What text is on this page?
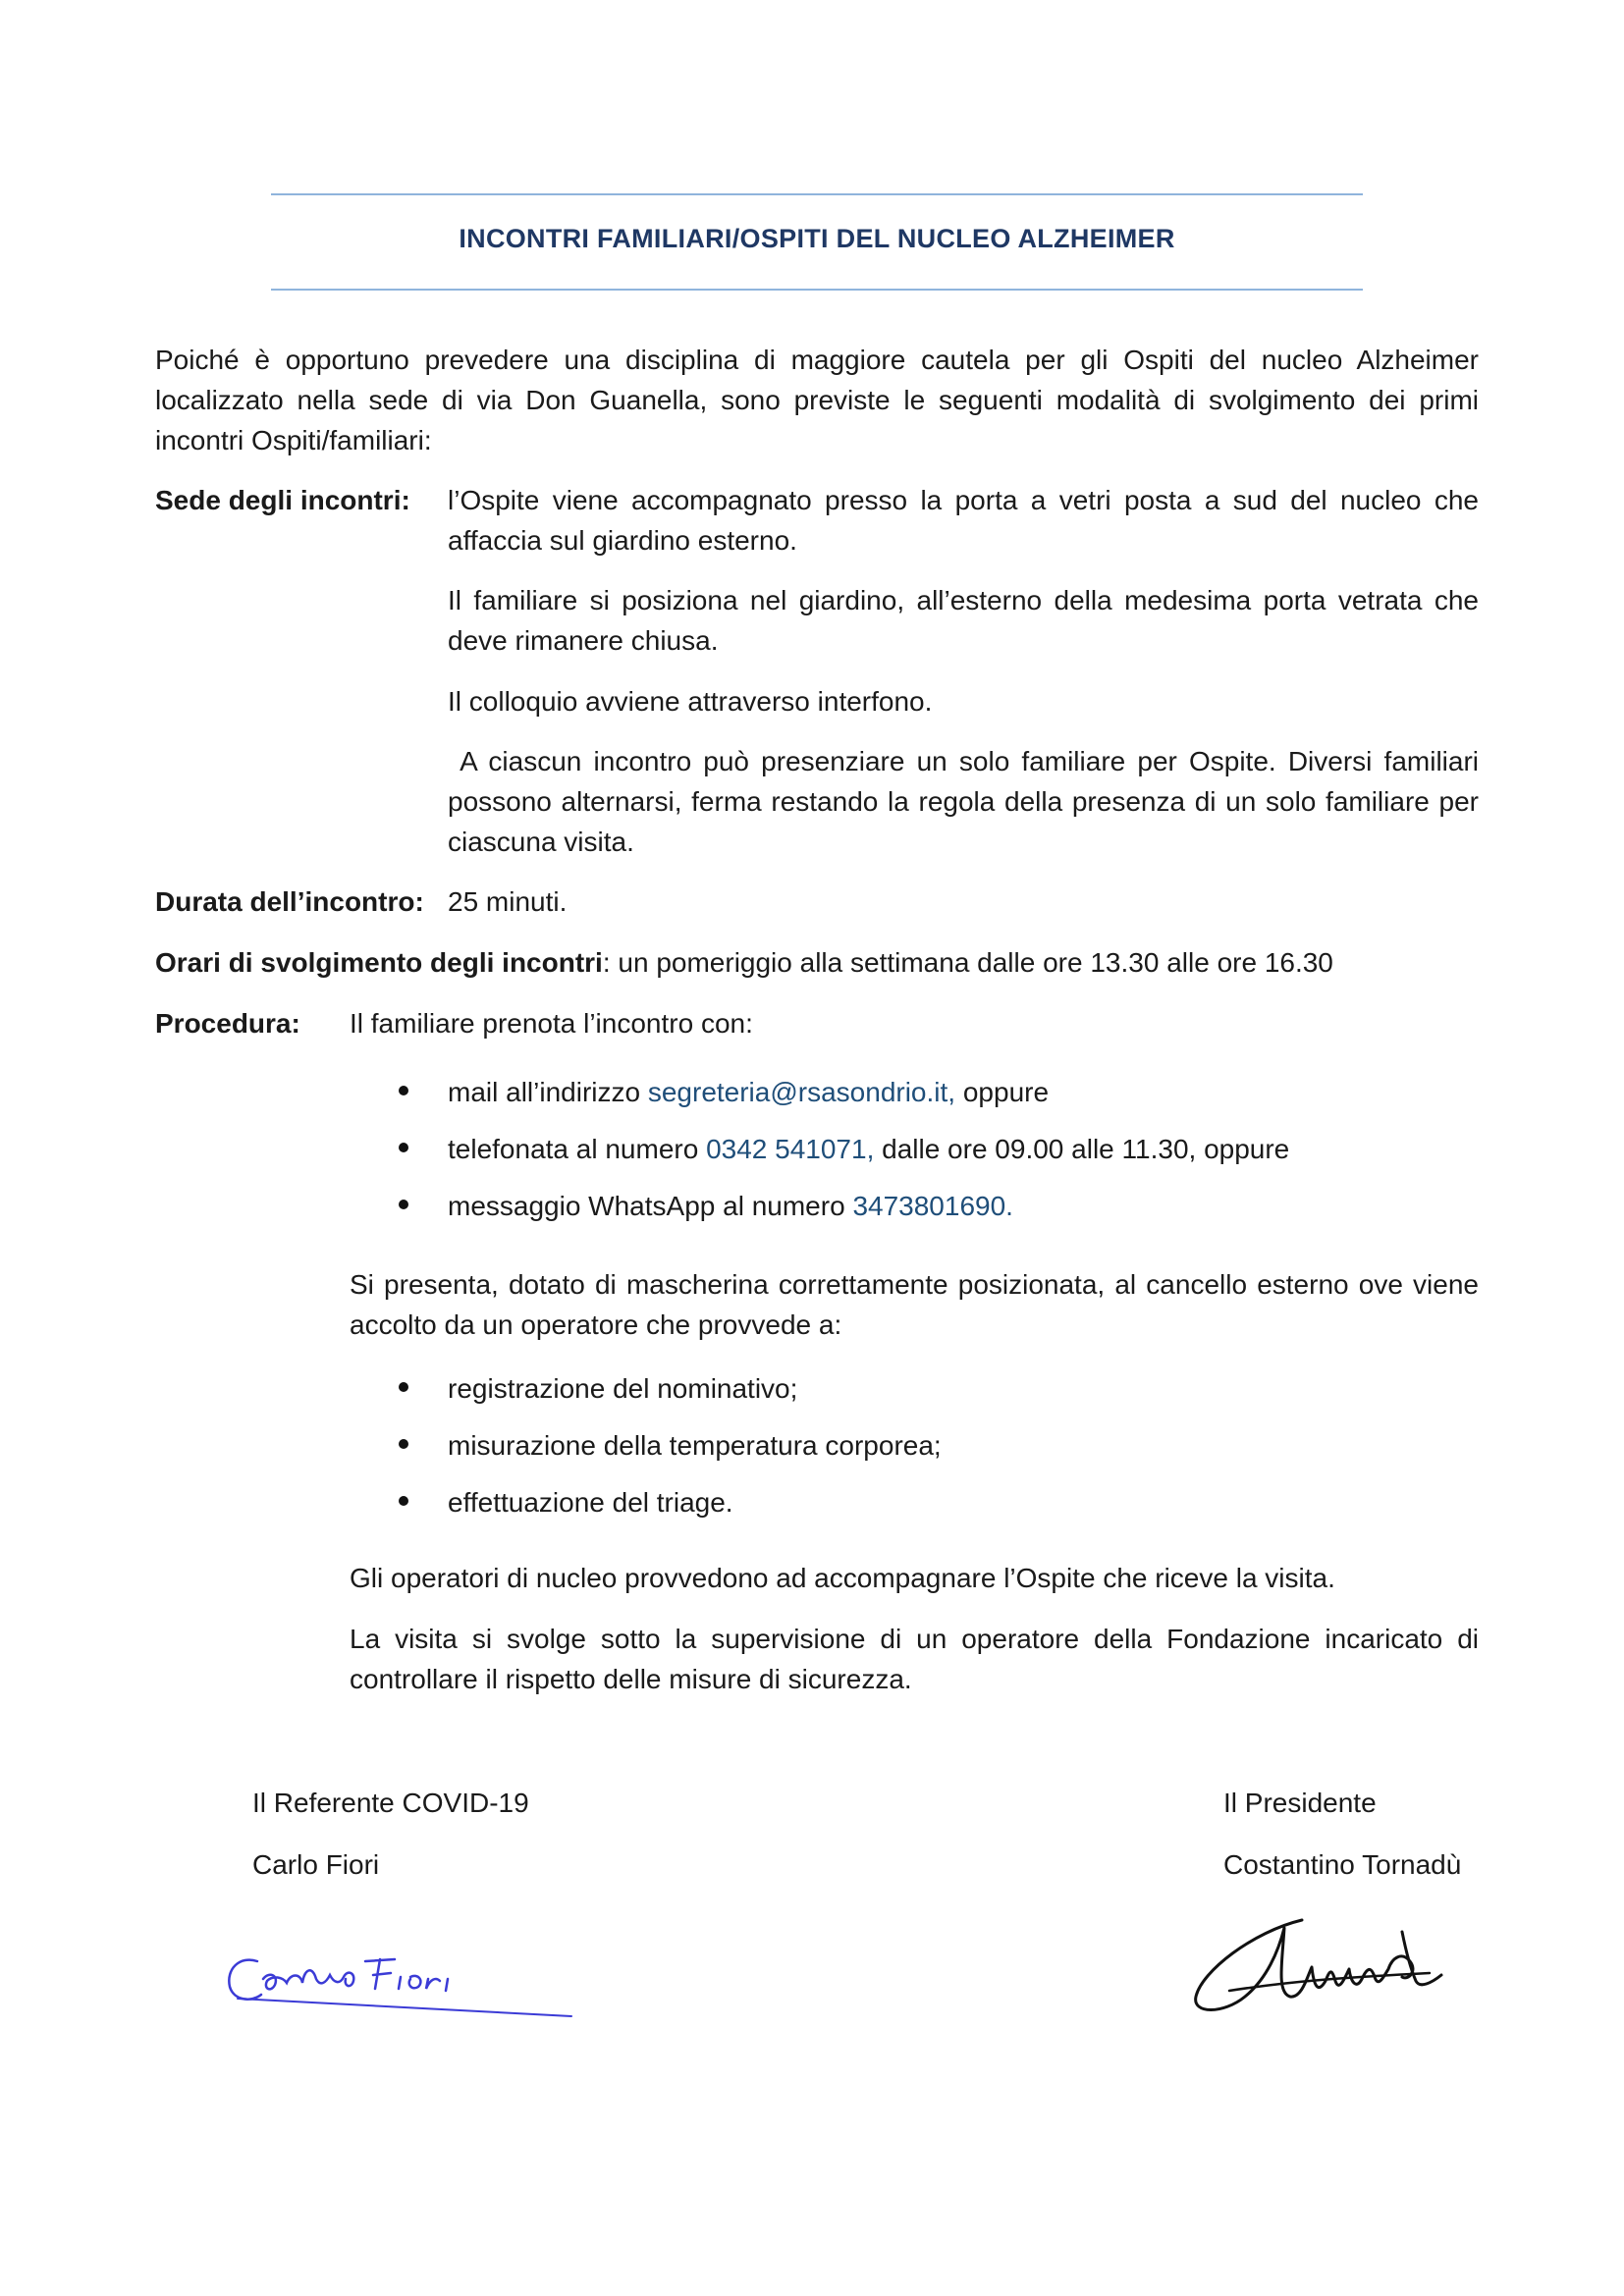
INCONTRI FAMILIARI/OSPITI DEL NUCLEO ALZHEIMER
Poiché è opportuno prevedere una disciplina di maggiore cautela per gli Ospiti del nucleo Alzheimer localizzato nella sede di via Don Guanella, sono previste le seguenti modalità di svolgimento dei primi incontri Ospiti/familiari:
Sede degli incontri: l’Ospite viene accompagnato presso la porta a vetri posta a sud del nucleo che affaccia sul giardino esterno.
Il familiare si posiziona nel giardino, all’esterno della medesima porta vetrata che deve rimanere chiusa.
Il colloquio avviene attraverso interfono.
A ciascun incontro può presenziare un solo familiare per Ospite. Diversi familiari possono alternarsi, ferma restando la regola della presenza di un solo familiare per ciascuna visita.
Durata dell’incontro: 25 minuti.
Orari di svolgimento degli incontri: un pomeriggio alla settimana dalle ore 13.30 alle ore 16.30
Procedura: Il familiare prenota l’incontro con:
mail all’indirizzo segreteria@rsasondrio.it, oppure
telefonata al numero 0342 541071, dalle ore 09.00 alle 11.30, oppure
messaggio WhatsApp al numero 3473801690.
Si presenta, dotato di mascherina correttamente posizionata, al cancello esterno ove viene accolto da un operatore che provvede a:
registrazione del nominativo;
misurazione della temperatura corporea;
effettuazione del triage.
Gli operatori di nucleo provvedono ad accompagnare l’Ospite che riceve la visita.
La visita si svolge sotto la supervisione di un operatore della Fondazione incaricato di controllare il rispetto delle misure di sicurezza.
Il Referente COVID-19
Carlo Fiori
Il Presidente
Costantino Tornadù
